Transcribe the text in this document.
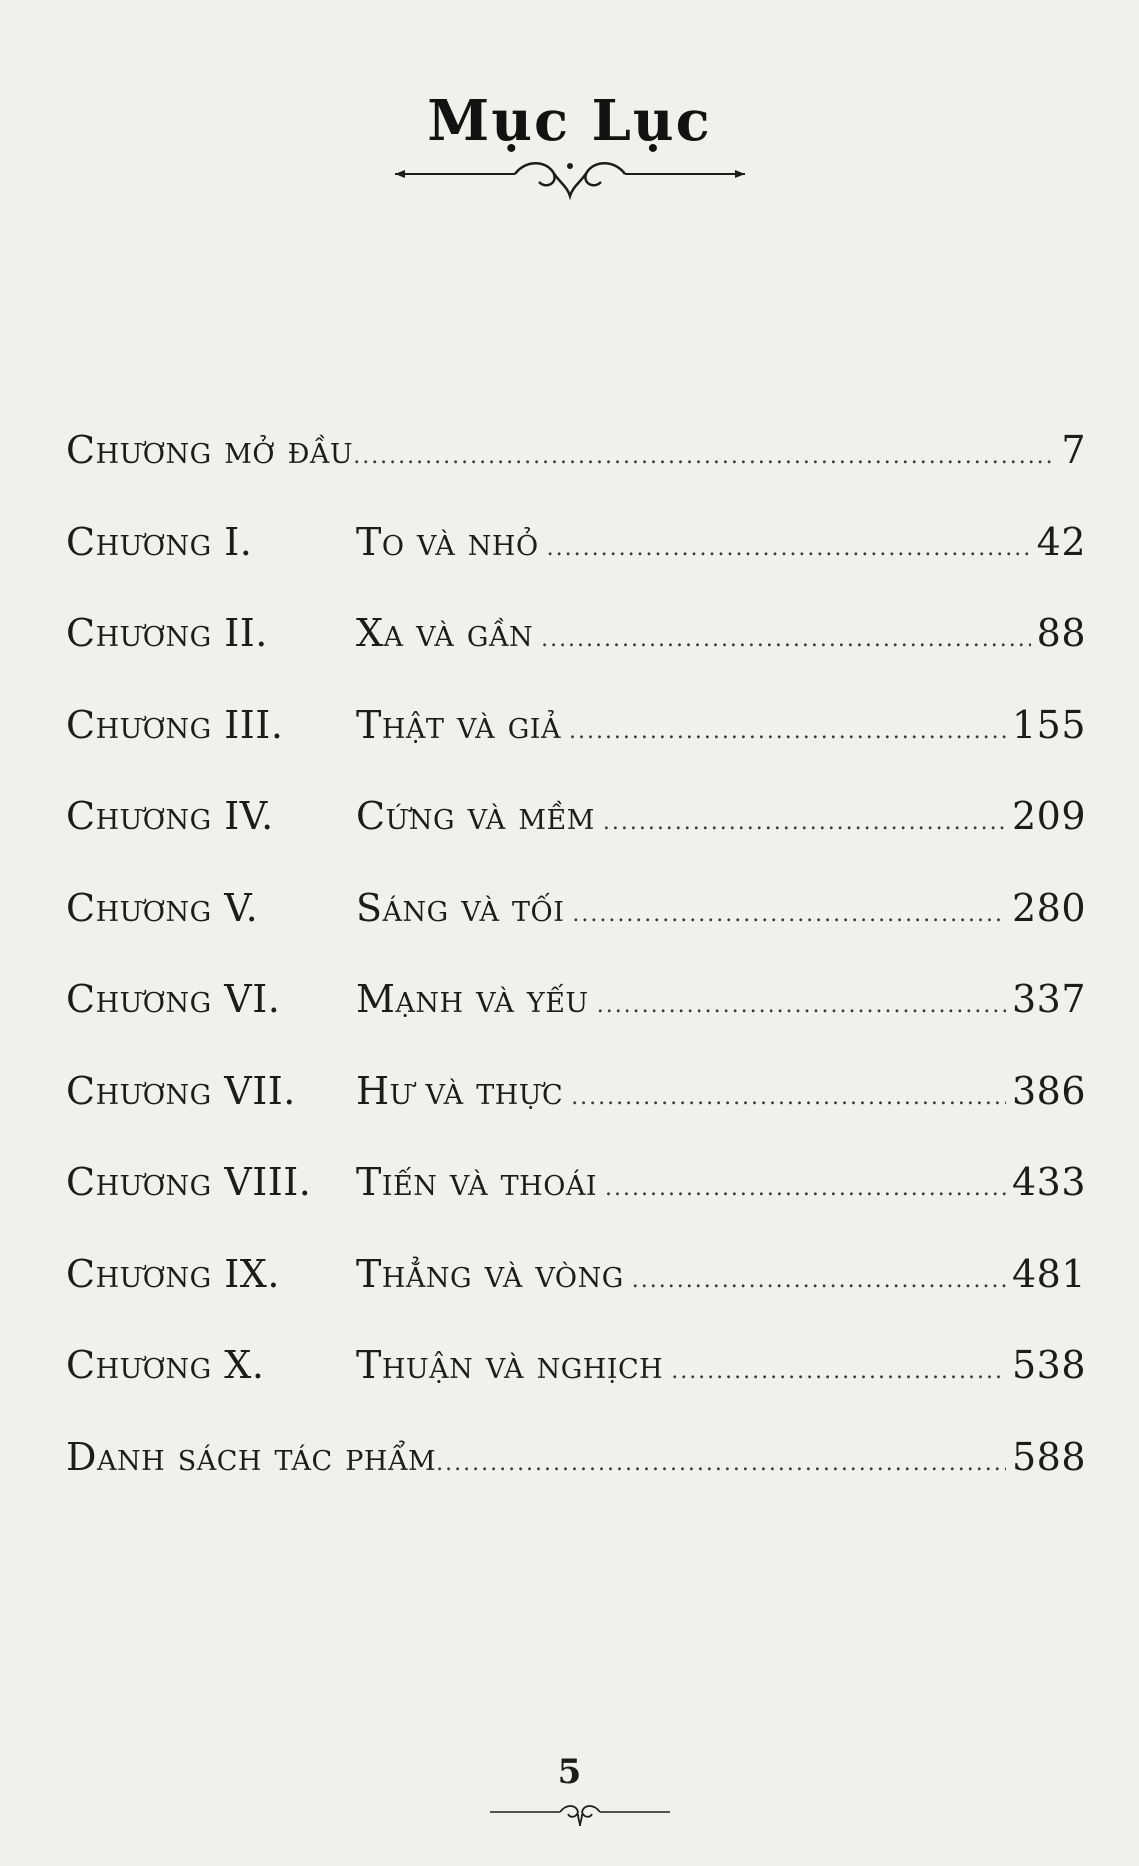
Mục Lục
Chương mở đầu .....	7
Chương I.	To và nhỏ .....	42
Chương II.	Xa và gần .....	88
Chương III.	Thật và giả .....	155
Chương IV.	Cứng và mềm .....	209
Chương V.	Sáng và tối .....	280
Chương VI.	Mạnh và yếu .....	337
Chương VII.	Hư và thực .....	386
Chương VIII.	Tiến và thoái .....	433
Chương IX.	Thẳng và vòng .....	481
Chương X.	Thuận và nghịch .....	538
Danh sách tác phẩm .....	588
5
